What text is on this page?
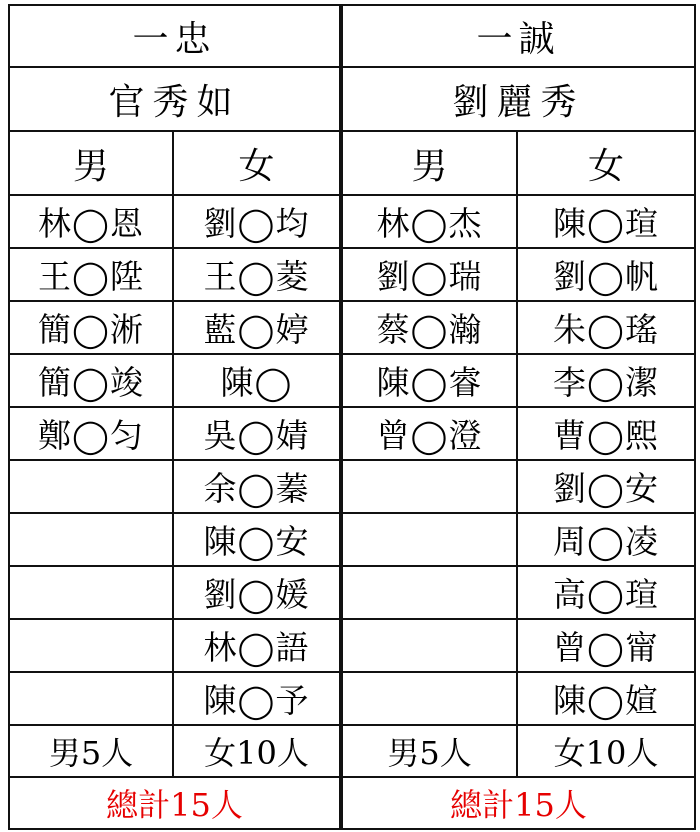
一忠		一誠	
官秀如		劉麗秀	
男	女	男	女
林◯恩	劉◯均	林◯杰	陳◯瑄
王◯陞	王◯菱	劉◯瑞	劉◯帆
簡◯淅	藍◯婷	蔡◯瀚	朱◯瑤
簡◯竣	陳◯	陳◯睿	李◯潔
鄭◯匀	吳◯婧	曾◯澄	曹◯熙
	余◯蓁		劉◯安
	陳◯安		周◯凌
	劉◯媛		高◯瑄
	林◯語		曾◯甯
	陳◯予		陳◯媗
男5人	女10人	男5人	女10人
總計15人		總計15人	
